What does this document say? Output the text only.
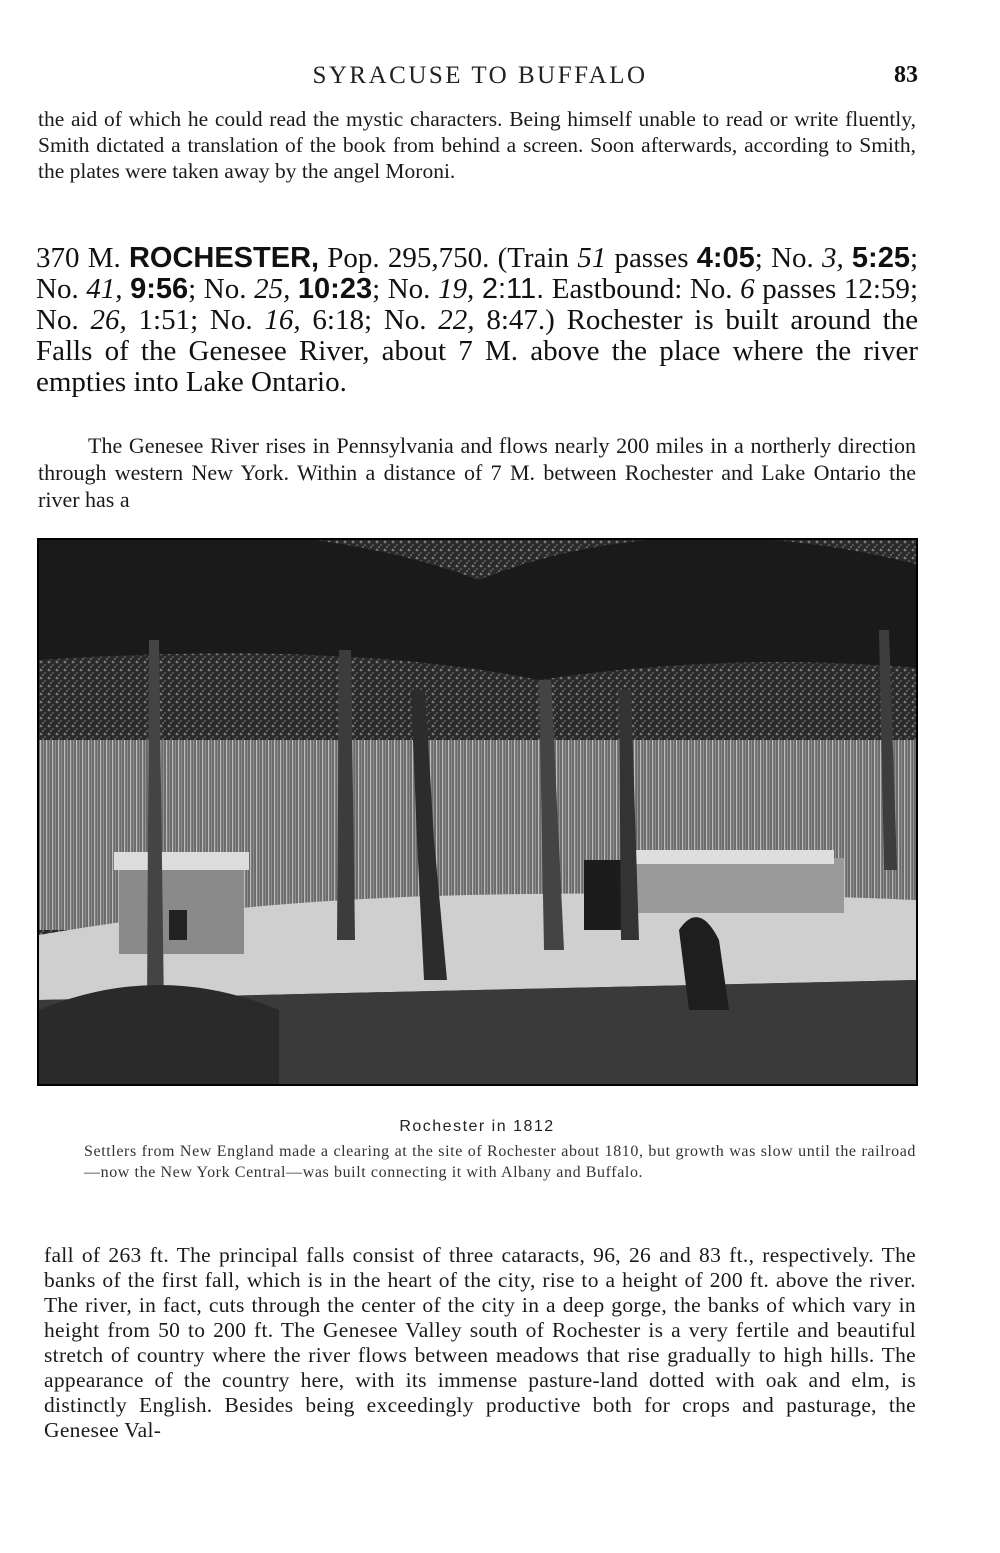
SYRACUSE TO BUFFALO	83

the aid of which he could read the mystic characters. Being himself unable to read or write fluently, Smith dictated a translation of the book from behind a screen. Soon afterwards, according to Smith, the plates were taken away by the angel Moroni.

370 M. ROCHESTER, Pop. 295,750. (Train 51 passes 4:05; No. 3, 5:25; No. 41, 9:56; No. 25, 10:23; No. 19, 2:11. Eastbound: No. 6 passes 12:59; No. 26, 1:51; No. 16, 6:18; No. 22, 8:47.) Rochester is built around the Falls of the Genesee River, about 7 M. above the place where the river empties into Lake Ontario.

The Genesee River rises in Pennsylvania and flows nearly 200 miles in a northerly direction through western New York. Within a distance of 7 M. between Rochester and Lake Ontario the river has a

Rochester in 1812

Settlers from New England made a clearing at the site of Rochester about 1810, but growth was slow until the railroad—now the New York Central—was built connecting it with Albany and Buffalo.

fall of 263 ft. The principal falls consist of three cataracts, 96, 26 and 83 ft., respectively. The banks of the first fall, which is in the heart of the city, rise to a height of 200 ft. above the river. The river, in fact, cuts through the center of the city in a deep gorge, the banks of which vary in height from 50 to 200 ft. The Genesee Valley south of Rochester is a very fertile and beautiful stretch of country where the river flows between meadows that rise gradually to high hills. The appearance of the country here, with its immense pasture-land dotted with oak and elm, is distinctly English. Besides being exceedingly productive both for crops and pasturage, the Genesee Val-
